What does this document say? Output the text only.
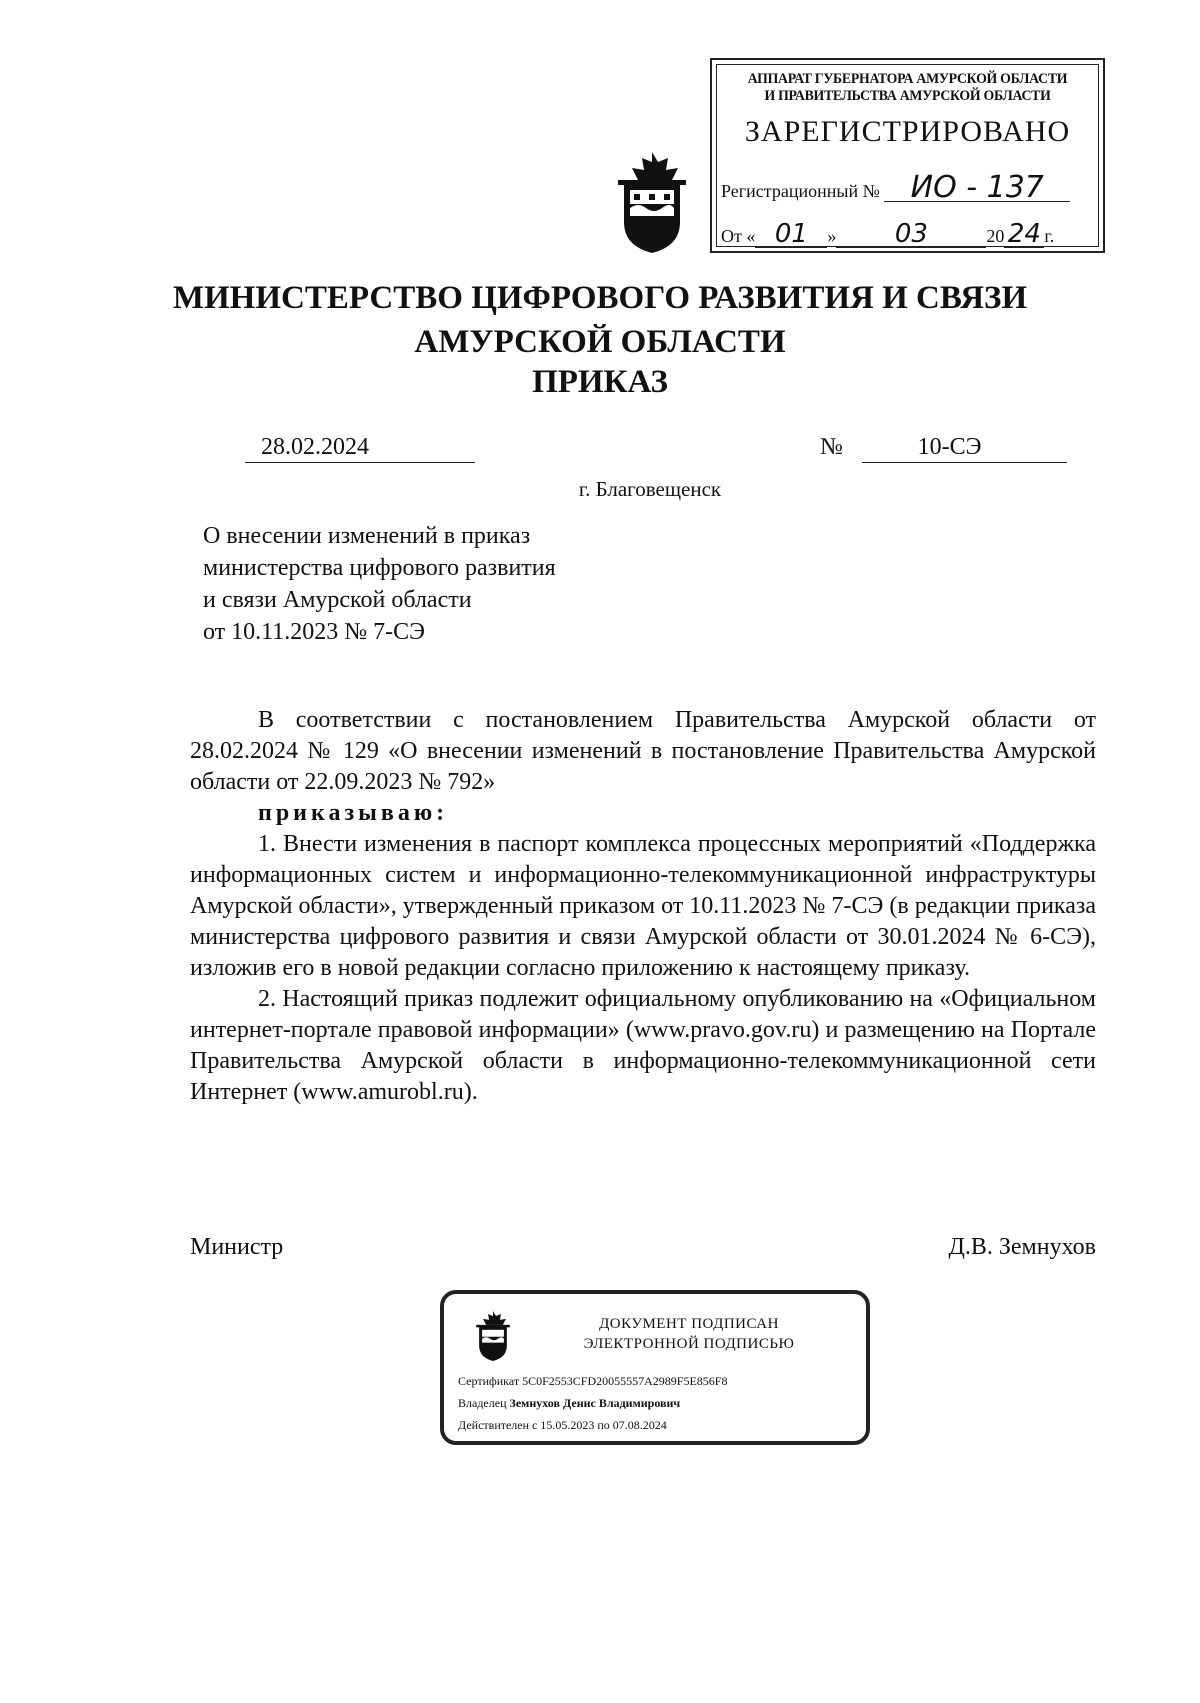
АППАРАТ ГУБЕРНАТОРА АМУРСКОЙ ОБЛАСТИ
И ПРАВИТЕЛЬСТВА АМУРСКОЙ ОБЛАСТИ
ЗАРЕГИСТРИРОВАНО
Регистрационный № ИО - 137
От « 01 » 03	20 24 г.
МИНИСТЕРСТВО ЦИФРОВОГО РАЗВИТИЯ И СВЯЗИ
АМУРСКОЙ ОБЛАСТИ
ПРИКАЗ
28.02.2024	№	10-СЭ
г. Благовещенск
О внесении изменений в приказ
министерства цифрового развития
и связи Амурской области
от 10.11.2023 № 7-СЭ

В соответствии с постановлением Правительства Амурской области от 28.02.2024 № 129 «О внесении изменений в постановление Правительства Амурской области от 22.09.2023 № 792»

приказываю:

1. Внести изменения в паспорт комплекса процессных мероприятий «Поддержка информационных систем и информационно-телекоммуникационной инфраструктуры Амурской области», утвержденный приказом от 10.11.2023 № 7-СЭ (в редакции приказа министерства цифрового развития и связи Амурской области от 30.01.2024 № 6-СЭ), изложив его в новой редакции согласно приложению к настоящему приказу.

2. Настоящий приказ подлежит официальному опубликованию на «Официальном интернет-портале правовой информации» (www.pravo.gov.ru) и размещению на Портале Правительства Амурской области в информационно-телекоммуникационной сети Интернет (www.amurobl.ru).

Министр	Д.В. Земнухов
ДОКУМЕНТ ПОДПИСАН
ЭЛЕКТРОННОЙ ПОДПИСЬЮ
Сертификат 5C0F2553CFD20055557A2989F5E856F8
Владелец Земнухов Денис Владимирович
Действителен с 15.05.2023 по 07.08.2024
